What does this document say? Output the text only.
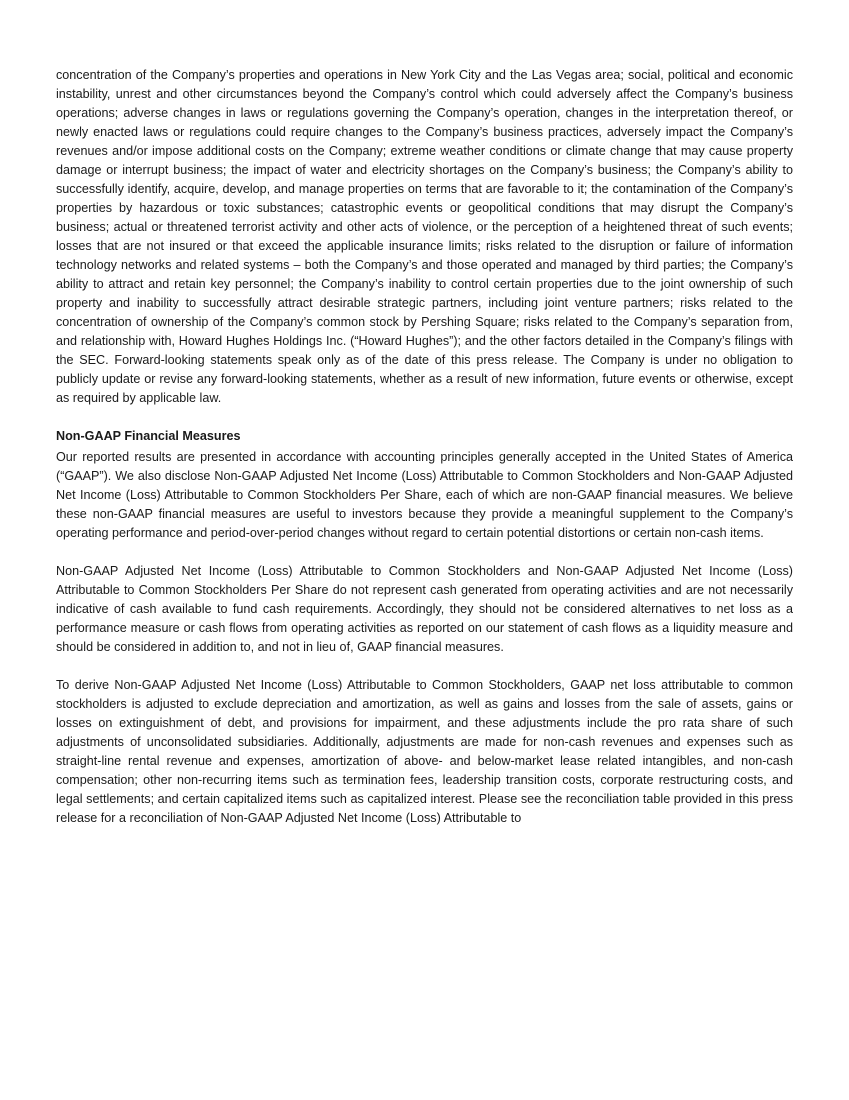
concentration of the Company’s properties and operations in New York City and the Las Vegas area; social, political and economic instability, unrest and other circumstances beyond the Company’s control which could adversely affect the Company’s business operations; adverse changes in laws or regulations governing the Company’s operation, changes in the interpretation thereof, or newly enacted laws or regulations could require changes to the Company’s business practices, adversely impact the Company’s revenues and/or impose additional costs on the Company; extreme weather conditions or climate change that may cause property damage or interrupt business; the impact of water and electricity shortages on the Company’s business; the Company’s ability to successfully identify, acquire, develop, and manage properties on terms that are favorable to it; the contamination of the Company’s properties by hazardous or toxic substances; catastrophic events or geopolitical conditions that may disrupt the Company’s business; actual or threatened terrorist activity and other acts of violence, or the perception of a heightened threat of such events; losses that are not insured or that exceed the applicable insurance limits; risks related to the disruption or failure of information technology networks and related systems – both the Company’s and those operated and managed by third parties; the Company’s ability to attract and retain key personnel; the Company’s inability to control certain properties due to the joint ownership of such property and inability to successfully attract desirable strategic partners, including joint venture partners; risks related to the concentration of ownership of the Company’s common stock by Pershing Square; risks related to the Company’s separation from, and relationship with, Howard Hughes Holdings Inc. (“Howard Hughes”); and the other factors detailed in the Company’s filings with the SEC. Forward-looking statements speak only as of the date of this press release. The Company is under no obligation to publicly update or revise any forward-looking statements, whether as a result of new information, future events or otherwise, except as required by applicable law.

Non-GAAP Financial Measures

Our reported results are presented in accordance with accounting principles generally accepted in the United States of America (“GAAP”). We also disclose Non-GAAP Adjusted Net Income (Loss) Attributable to Common Stockholders and Non-GAAP Adjusted Net Income (Loss) Attributable to Common Stockholders Per Share, each of which are non-GAAP financial measures. We believe these non-GAAP financial measures are useful to investors because they provide a meaningful supplement to the Company’s operating performance and period-over-period changes without regard to certain potential distortions or certain non-cash items.

Non-GAAP Adjusted Net Income (Loss) Attributable to Common Stockholders and Non-GAAP Adjusted Net Income (Loss) Attributable to Common Stockholders Per Share do not represent cash generated from operating activities and are not necessarily indicative of cash available to fund cash requirements. Accordingly, they should not be considered alternatives to net loss as a performance measure or cash flows from operating activities as reported on our statement of cash flows as a liquidity measure and should be considered in addition to, and not in lieu of, GAAP financial measures.

To derive Non-GAAP Adjusted Net Income (Loss) Attributable to Common Stockholders, GAAP net loss attributable to common stockholders is adjusted to exclude depreciation and amortization, as well as gains and losses from the sale of assets, gains or losses on extinguishment of debt, and provisions for impairment, and these adjustments include the pro rata share of such adjustments of unconsolidated subsidiaries. Additionally, adjustments are made for non-cash revenues and expenses such as straight-line rental revenue and expenses, amortization of above- and below-market lease related intangibles, and non-cash compensation; other non-recurring items such as termination fees, leadership transition costs, corporate restructuring costs, and legal settlements; and certain capitalized items such as capitalized interest. Please see the reconciliation table provided in this press release for a reconciliation of Non-GAAP Adjusted Net Income (Loss) Attributable to
